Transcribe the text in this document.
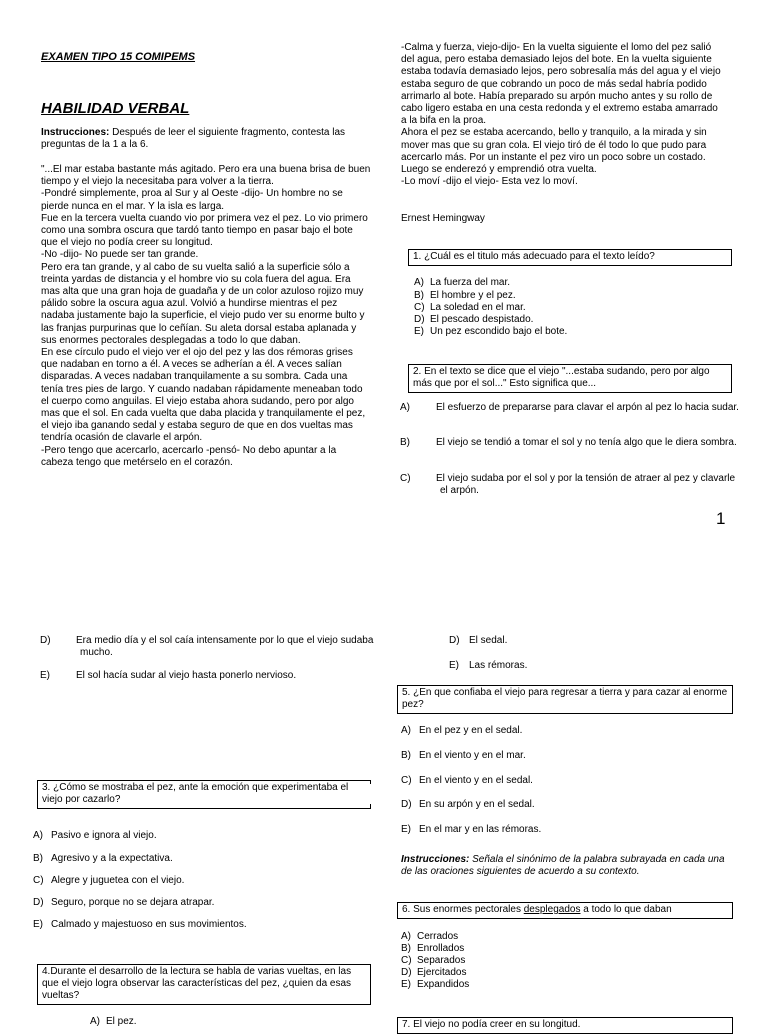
EXAMEN TIPO 15 COMIPEMS
HABILIDAD VERBAL
Instrucciones: Después de leer el siguiente fragmento, contesta las preguntas de la 1 a la 6.

"...El mar estaba bastante más agitado. Pero era una buena brisa de buen tiempo y el viejo la necesitaba para volver a la tierra.

-Pondré simplemente, proa al Sur y al Oeste -dijo- Un hombre no se pierde nunca en el mar. Y la isla es larga.

Fue en la tercera vuelta cuando vio por primera vez el pez. Lo vio primero como una sombra oscura que tardó tanto tiempo en pasar bajo el bote que el viejo no podía creer su longitud.

-No -dijo- No puede ser tan grande.

Pero era tan grande, y al cabo de su vuelta salió a la superficie sólo a treinta yardas de distancia y el hombre vio su cola fuera del agua. Era mas alta que una gran hoja de guadaña y de un color azuloso rojizo muy pálido sobre la oscura agua azul. Volvió a hundirse mientras el pez nadaba justamente bajo la superficie, el viejo pudo ver su enorme bulto y las franjas purpurinas que lo ceñían. Su aleta dorsal estaba aplanada y sus enormes pectorales desplegadas a todo lo que daban.

En ese círculo pudo el viejo ver el ojo del pez y las dos rémoras grises que nadaban en torno a él. A veces se adherían a él. A veces salían disparadas. A veces nadaban tranquilamente a su sombra. Cada una tenía tres pies de largo. Y cuando nadaban rápidamente meneaban todo el cuerpo como anguilas. El viejo estaba ahora sudando, pero por algo mas que el sol. En cada vuelta que daba placida y tranquilamente el pez, el viejo iba ganando sedal y estaba seguro de que en dos vueltas mas tendría ocasión de clavarle el arpón.

-Pero tengo que acercarlo, acercarlo -pensó- No debo apuntar a la cabeza tengo que metérselo en el corazón.

-Calma y fuerza, viejo-dijo- En la vuelta siguiente el lomo del pez salió del agua, pero estaba demasiado lejos del bote. En la vuelta siguiente estaba todavía demasiado lejos, pero sobresalía más del agua y el viejo estaba seguro de que cobrando un poco de más sedal habría podido arrimarlo al bote. Había preparado su arpón mucho antes y su rollo de cabo ligero estaba en una cesta redonda y el extremo estaba amarrado a la bifa en la proa.

Ahora el pez se estaba acercando, bello y tranquilo, a la mirada y sin mover mas que su gran cola. El viejo tiró de él todo lo que pudo para acercarlo más. Por un instante el pez viro un poco sobre un costado.

Luego se enderezó y emprendió otra vuelta.

-Lo moví -dijo el viejo- Esta vez lo moví.

Ernest Hemingway
1. ¿Cuál es el titulo más adecuado para el texto leído?
A) La fuerza del mar.
B) El hombre y el pez.
C) La soledad en el mar.
D) El pescado despistado.
E) Un pez escondido bajo el bote.
2. En el texto se dice que el viejo "...estaba sudando, pero por algo más que por el sol..." Esto significa que...
A)	El esfuerzo de prepararse para clavar el arpón al pez lo hacia sudar.
B)	El viejo se tendió a tomar el sol y no tenía algo que le diera sombra.
C)	El viejo sudaba por el sol y por la tensión de atraer al pez y clavarle el arpón.
1
D)	Era medio día y el sol caía intensamente por lo que el viejo sudaba mucho.
E)	El sol hacía sudar al viejo hasta ponerlo nervioso.
3. ¿Cómo se mostraba el pez, ante la emoción que experimentaba el viejo por cazarlo?
A) Pasivo e ignora al viejo.
B) Agresivo y a la expectativa.
C) Alegre y juguetea con el viejo.
D) Seguro, porque no se dejara atrapar.
E) Calmado y majestuoso en sus movimientos.
4.Durante el desarrollo de la lectura se habla de varias vueltas, en las que el viejo logra observar las características del pez, ¿quien da esas vueltas?
A) El pez.
D) El sedal.
E) Las rémoras.
5. ¿En que confiaba el viejo para regresar a tierra y para cazar al enorme pez?
A) En el pez y en el sedal.
B) En el viento y en el mar.
C) En el viento y en el sedal.
D) En su arpón y en el sedal.
E) En el mar y en las rémoras.
Instrucciones: Señala el sinónimo de la palabra subrayada en cada una de las oraciones siguientes de acuerdo a su contexto.
6. Sus enormes pectorales desplegados a todo lo que daban
A) Cerrados
B) Enrollados
C) Separados
D) Ejercitados
E) Expandidos
7. El viejo no podía creer en su longitud.
